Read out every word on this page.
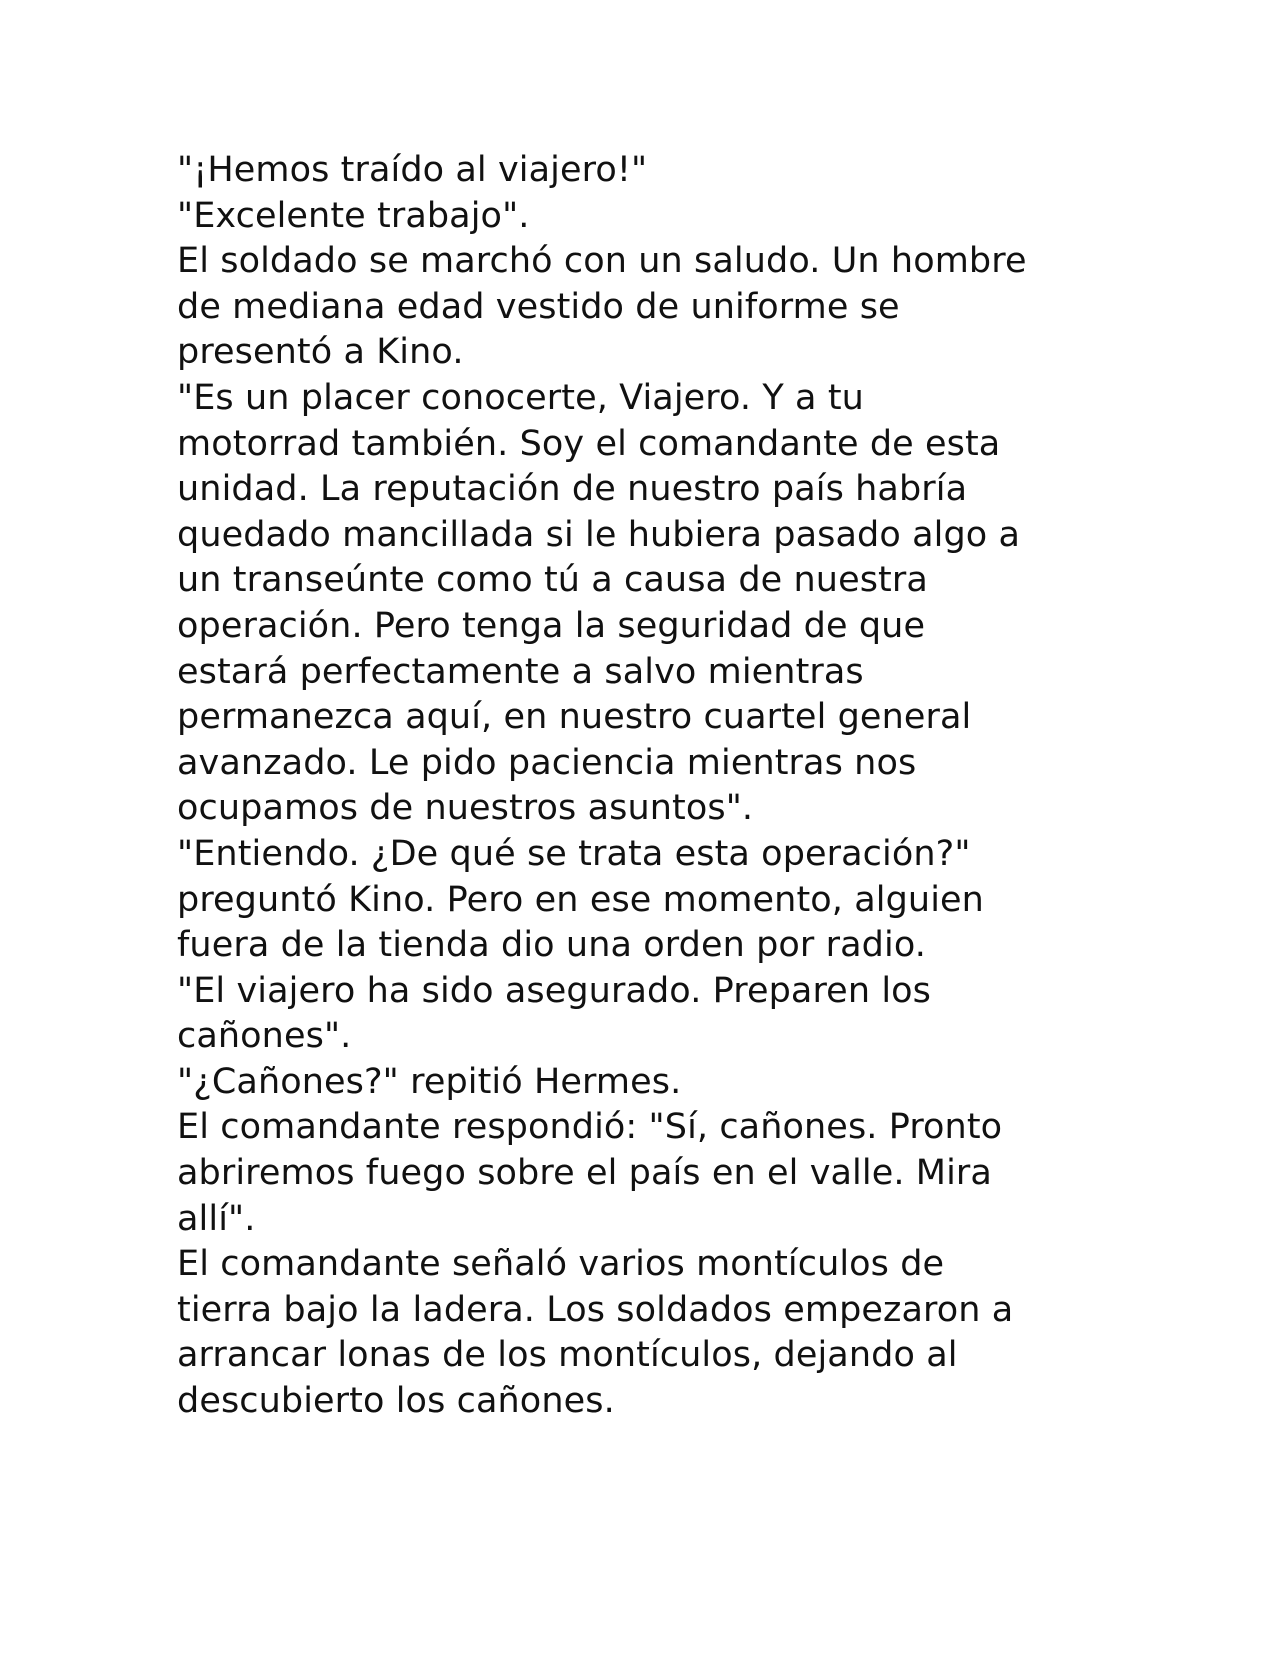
"¡Hemos traído al viajero!"
"Excelente trabajo".
El soldado se marchó con un saludo. Un hombre
de mediana edad vestido de uniforme se
presentó a Kino.
"Es un placer conocerte, Viajero. Y a tu
motorrad también. Soy el comandante de esta
unidad. La reputación de nuestro país habría
quedado mancillada si le hubiera pasado algo a
un transeúnte como tú a causa de nuestra
operación. Pero tenga la seguridad de que
estará perfectamente a salvo mientras
permanezca aquí, en nuestro cuartel general
avanzado. Le pido paciencia mientras nos
ocupamos de nuestros asuntos".
"Entiendo. ¿De qué se trata esta operación?"
preguntó Kino. Pero en ese momento, alguien
fuera de la tienda dio una orden por radio.
"El viajero ha sido asegurado. Preparen los
cañones".
"¿Cañones?" repitió Hermes.
El comandante respondió: "Sí, cañones. Pronto
abriremos fuego sobre el país en el valle. Mira
allí".
El comandante señaló varios montículos de
tierra bajo la ladera. Los soldados empezaron a
arrancar lonas de los montículos, dejando al
descubierto los cañones.
